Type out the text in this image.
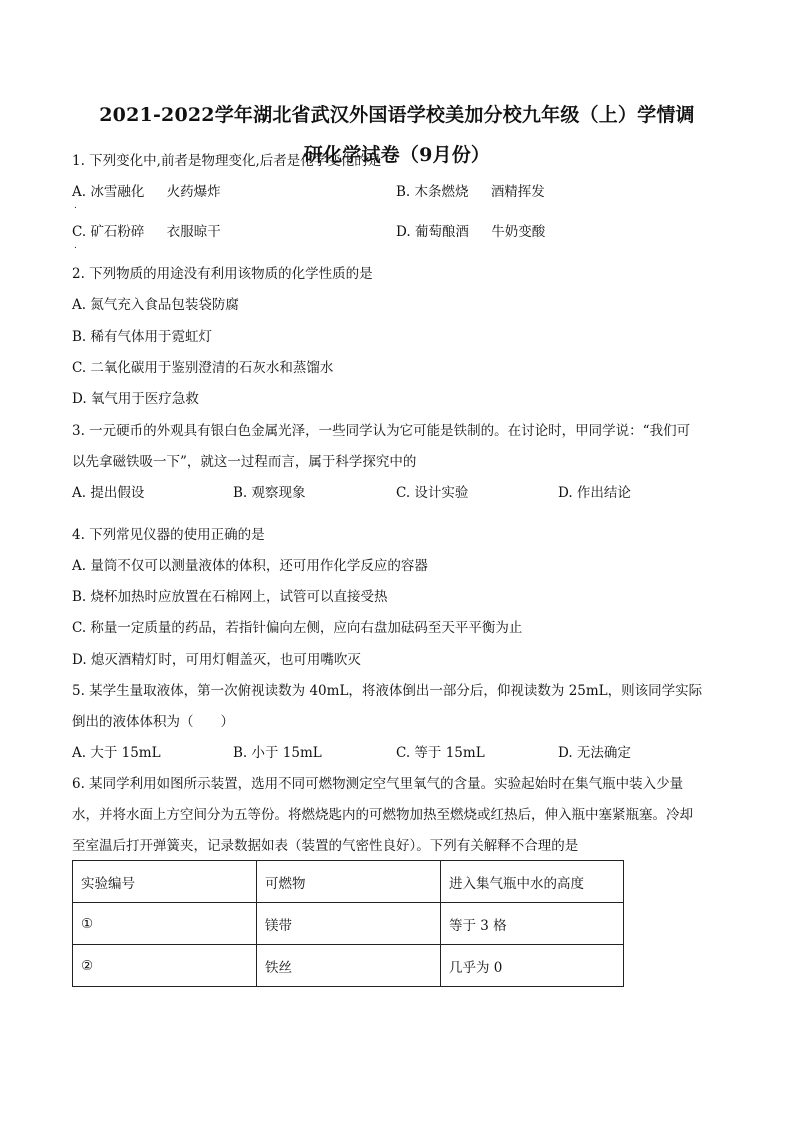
2021-2022学年湖北省武汉外国语学校美加分校九年级（上）学情调
研化学试卷（9月份）
1. 下列变化中,前者是物理变化,后者是化学变化的是
A. 冰雪融化 火药爆炸
.
B. 木条燃烧 酒精挥发
C. 矿石粉碎 衣服晾干
.
D. 葡萄酿酒 牛奶变酸
2. 下列物质的用途没有利用该物质的化学性质的是
A. 氮气充入食品包装袋防腐
B. 稀有气体用于霓虹灯
C. 二氧化碳用于鉴别澄清的石灰水和蒸馏水
D. 氧气用于医疗急救
3. 一元硬币的外观具有银白色金属光泽，一些同学认为它可能是铁制的。在讨论时，甲同学说：“我们可
以先拿磁铁吸一下”，就这一过程而言，属于科学探究中的
A. 提出假设	B. 观察现象	C. 设计实验	D. 作出结论
4. 下列常见仪器的使用正确的是
A. 量筒不仅可以测量液体的体积，还可用作化学反应的容器
B. 烧杯加热时应放置在石棉网上，试管可以直接受热
C. 称量一定质量的药品，若指针偏向左侧，应向右盘加砝码至天平平衡为止
D. 熄灭酒精灯时，可用灯帽盖灭，也可用嘴吹灭
5. 某学生量取液体，第一次俯视读数为 40mL，将液体倒出一部分后，仰视读数为 25mL，则该同学实际
倒出的液体体积为（　　）
A. 大于 15mL	B. 小于 15mL	C. 等于 15mL	D. 无法确定
6. 某同学利用如图所示装置，选用不同可燃物测定空气里氧气的含量。实验起始时在集气瓶中装入少量
水，并将水面上方空间分为五等份。将燃烧匙内的可燃物加热至燃烧或红热后，伸入瓶中塞紧瓶塞。冷却
至室温后打开弹簧夹，记录数据如表（装置的气密性良好）。下列有关解释不合理的是
实验编号	可燃物	进入集气瓶中水的高度
①	镁带	等于 3 格
②	铁丝	几乎为 0
